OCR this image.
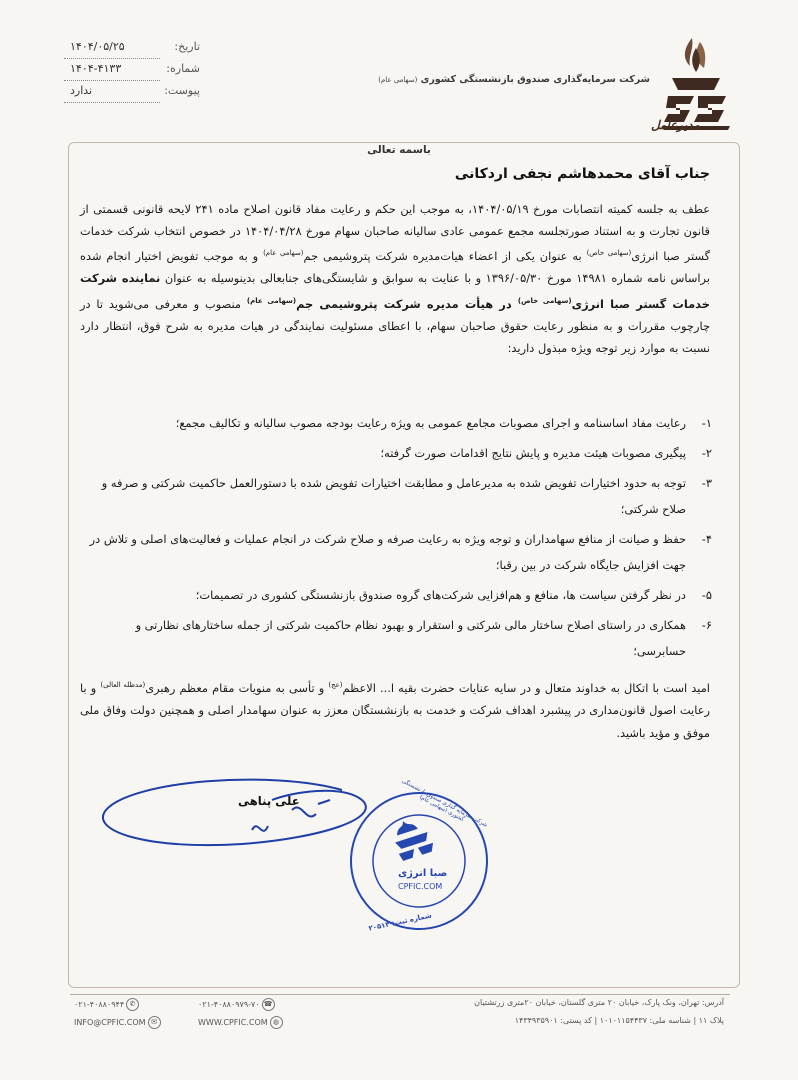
شرکت سرمایه‌گذاری صندوق بازنشستگی کشوری (سهامی عام)
مدیرعامل
تاریخ:
۱۴۰۴/۰۵/۲۵
شماره:
۱۴۰۴-۴۱۳۳
پیوست:
ندارد
باسمه تعالی
جناب آقای محمدهاشم نجفی اردکانی
عطف به جلسه کمیته انتصابات مورخ ۱۴۰۴/۰۵/۱۹، به موجب این حکم و رعایت مفاد قانون اصلاح ماده ۲۴۱ لایحه قانونی قسمتی از قانون تجارت و به استناد صورتجلسه مجمع عمومی عادی سالیانه صاحبان سهام مورخ ۱۴۰۴/۰۴/۲۸ در خصوص انتخاب شرکت خدمات گستر صبا انرژی$^{(سهامی خاص)}$ به عنوان یکی از اعضاء هیات‌مدیره شرکت پتروشیمی جم$^{(سهامی عام)}$ و به موجب تفویض اختیار انجام شده براساس نامه شماره ۱۴۹۸۱ مورخ ۱۳۹۶/۰۵/۳۰ و با عنایت به سوابق و شایستگی‌های جنابعالی بدینوسیله به عنوان نماینده شرکت خدمات گستر صبا انرژی$^{(سهامی خاص)}$ در هیأت مدیره شرکت پتروشیمی جم$^{(سهامی عام)}$ منصوب و معرفی می‌شوید تا در چارچوب مقررات و به منظور رعایت حقوق صاحبان سهام، با اعطای مسئولیت نمایندگی در هیات مدیره به شرح فوق، انتظار دارد نسبت به موارد زیر توجه ویژه مبذول دارید:
۱-
رعایت مفاد اساسنامه و اجرای مصوبات مجامع عمومی به ویژه رعایت بودجه مصوب سالیانه و تکالیف مجمع؛
۲-
پیگیری مصوبات هیئت مدیره و پایش نتایج اقدامات صورت گرفته؛
۳-
توجه به حدود اختیارات تفویض شده به مدیرعامل و مطابقت اختیارات تفویض شده با دستورالعمل حاکمیت شرکتی و صرفه و صلاح شرکتی؛
۴-
حفظ و صیانت از منافع سهامداران و توجه ویژه به رعایت صرفه و صلاح شرکت در انجام عملیات و فعالیت‌های اصلی و تلاش در جهت افزایش جایگاه شرکت در بین رقبا؛
۵-
در نظر گرفتن سیاست ها، منافع و هم‌افزایی شرکت‌های گروه صندوق بازنشستگی کشوری در تصمیمات؛
۶-
همکاری در راستای اصلاح ساختار مالی شرکتی و استقرار و بهبود نظام حاکمیت شرکتی از جمله ساختارهای نظارتی و حسابرسی؛
امید است با اتکال به خداوند متعال و در سایه عنایات حضرت بقیه ا... الاعظم$^{(عج)}$ و تأسی به منویات مقام معظم رهبری$^{(مدظله العالی)}$ و با رعایت اصول قانون‌مداری در پیشبرد اهداف شرکت و خدمت به بازنشستگان معزز به عنوان سهامدار اصلی و همچنین دولت وفاق ملی موفق و مؤید باشید.
علی پناهی
صبا انرژی
CPFIC.COM
شرکت سرمایه گذاری صندوق بازنشستگی کشوری (سهامی عام)
شماره ثبت: ۲۰۵۱۳
آدرس: تهران، ونک پارک، خیابان ۲۰ متری گلستان، خیابان ۲۰متری زرتشتیان
پلاک ۱۱ | شناسه ملی: ۱۰۱۰۱۱۵۴۴۳۷ | کد پستی: ۱۴۳۴۹۳۵۹۰۱
☎۰۲۱-۴۰۸۸۰۹۷۹-۷۰
✆۰۲۱-۴۰۸۸۰۹۴۴
◍WWW.CPFIC.COM
✉INFO@CPFIC.COM
